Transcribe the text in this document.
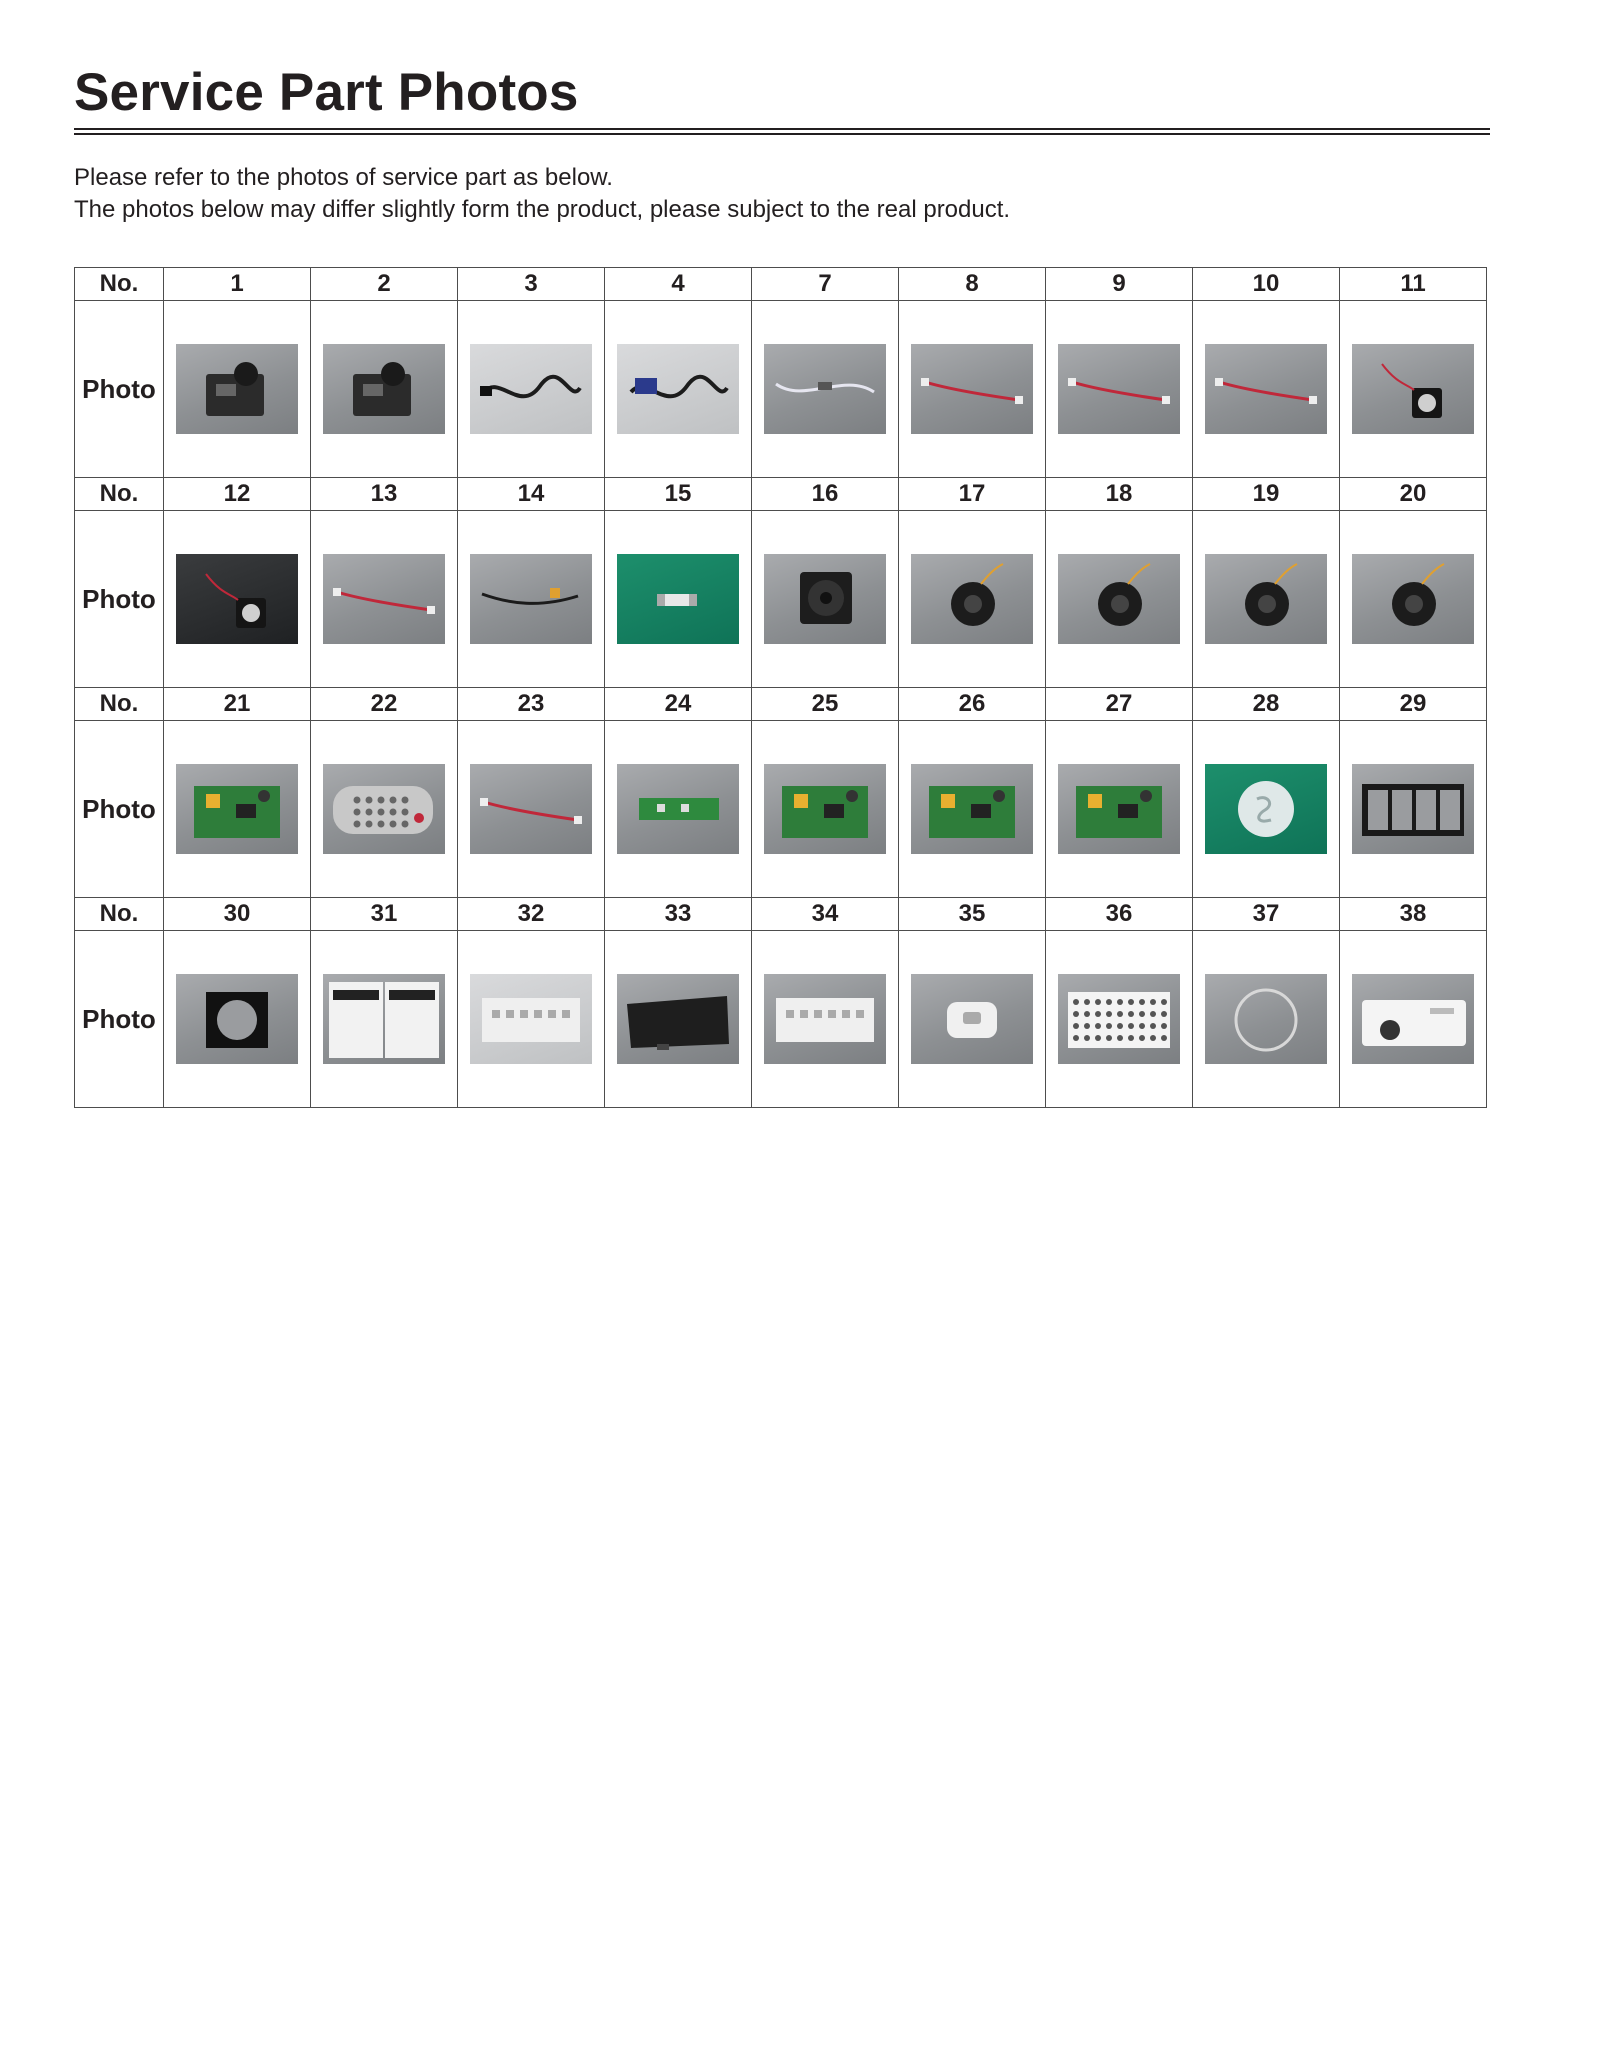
Service Part Photos
Please refer to the photos of service part as below.
The photos below may differ slightly form the product, please subject to the real product.
No.	1	2	3	4	7	8	9	10	11
Photo	

No.	12	13	14	15	16	17	18	19	20
Photo	

No.	21	22	23	24	25	26	27	28	29
Photo	

No.	30	31	32	33	34	35	36	37	38
Photo	
